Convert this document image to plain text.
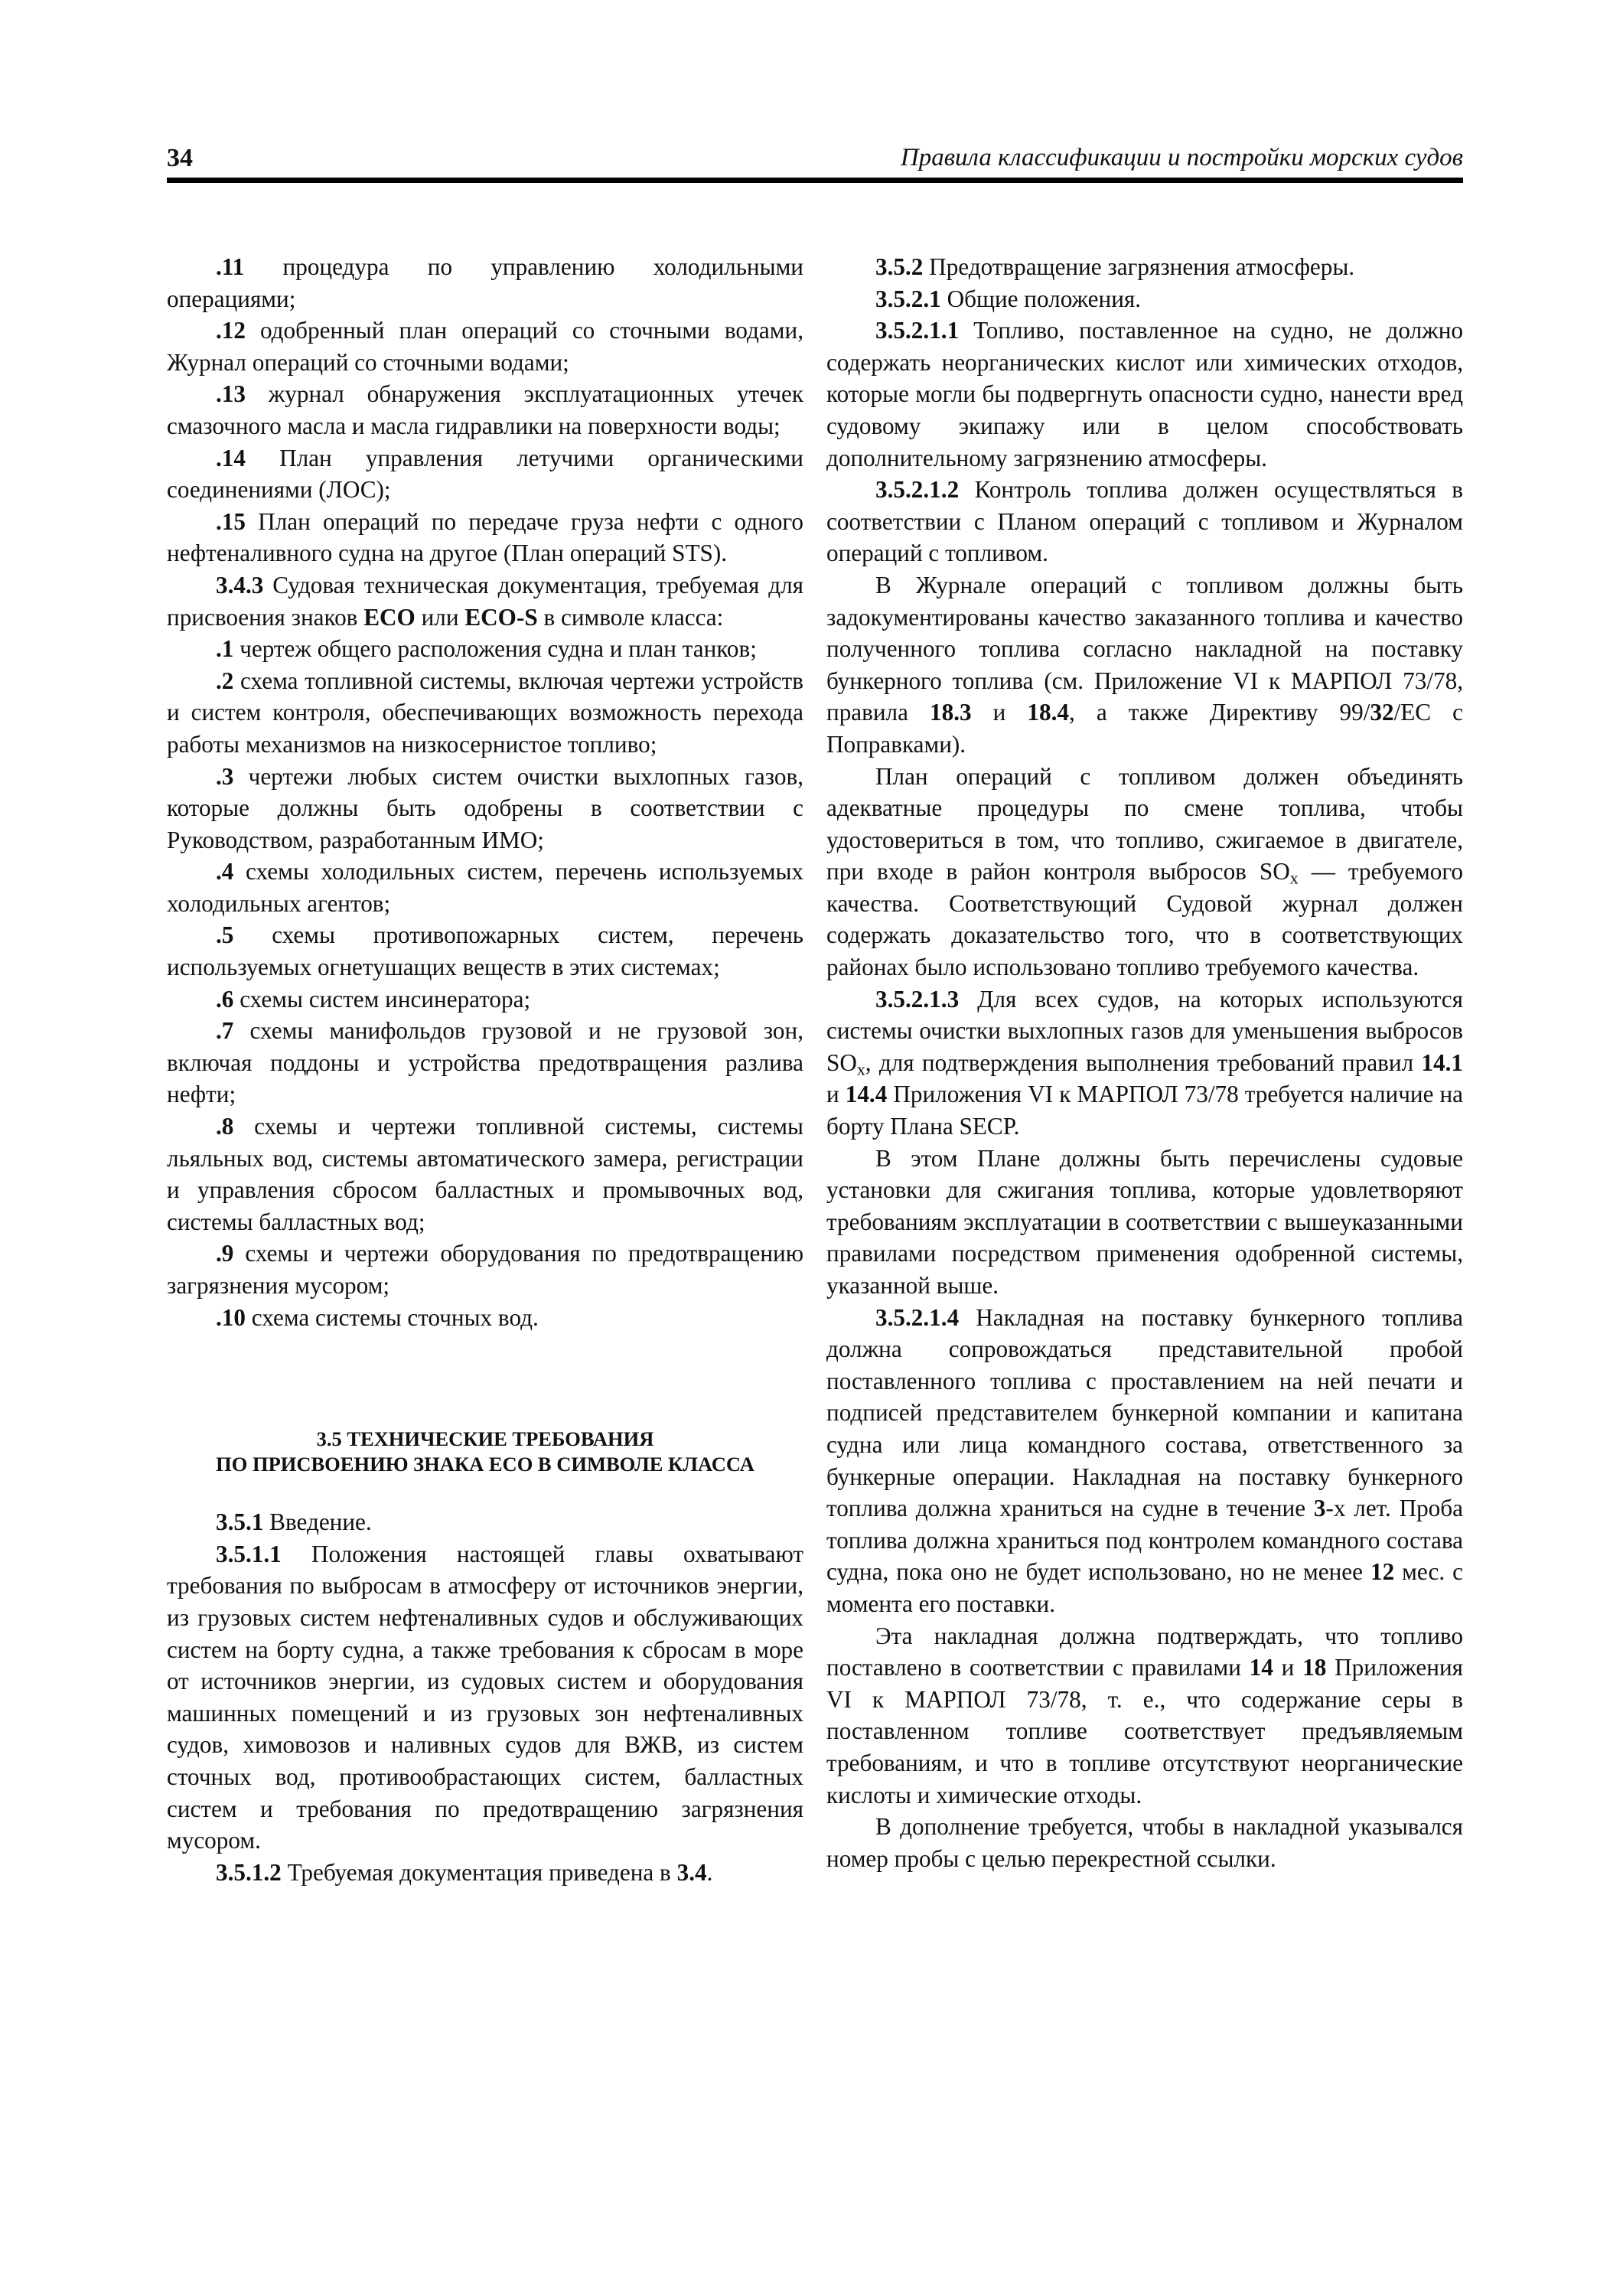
34	Правила классификации и постройки морских судов

.11 процедура по управлению холодильными операциями;

.12 одобренный план операций со сточными водами, Журнал операций со сточными водами;

.13 журнал обнаружения эксплуатационных утечек смазочного масла и масла гидравлики на поверхности воды;

.14 План управления летучими органическими соединениями (ЛОС);

.15 План операций по передаче груза нефти с одного нефтеналивного судна на другое (План операций STS).

3.4.3 Судовая техническая документация, требуемая для присвоения знаков ECO или ECO-S в символе класса:

.1 чертеж общего расположения судна и план танков;

.2 схема топливной системы, включая чертежи устройств и систем контроля, обеспечивающих возможность перехода работы механизмов на низкосернистое топливо;

.3 чертежи любых систем очистки выхлопных газов, которые должны быть одобрены в соответствии с Руководством, разработанным ИМО;

.4 схемы холодильных систем, перечень используемых холодильных агентов;

.5 схемы противопожарных систем, перечень используемых огнетушащих веществ в этих системах;

.6 схемы систем инсинератора;

.7 схемы манифольдов грузовой и не грузовой зон, включая поддоны и устройства предотвращения разлива нефти;

.8 схемы и чертежи топливной системы, системы льяльных вод, системы автоматического замера, регистрации и управления сбросом балластных и промывочных вод, системы балластных вод;

.9 схемы и чертежи оборудования по предотвращению загрязнения мусором;

.10 схема системы сточных вод.

3.5 ТЕХНИЧЕСКИЕ ТРЕБОВАНИЯ
ПО ПРИСВОЕНИЮ ЗНАКА ECO В СИМВОЛЕ КЛАССА

3.5.1 Введение.

3.5.1.1 Положения настоящей главы охватывают требования по выбросам в атмосферу от источников энергии, из грузовых систем нефтеналивных судов и обслуживающих систем на борту судна, а также требования к сбросам в море от источников энергии, из судовых систем и оборудования машинных помещений и из грузовых зон нефтеналивных судов, химовозов и наливных судов для ВЖВ, из систем сточных вод, противообрастающих систем, балластных систем и требования по предотвращению загрязнения мусором.

3.5.1.2 Требуемая документация приведена в 3.4.

3.5.2 Предотвращение загрязнения атмосферы.

3.5.2.1 Общие положения.

3.5.2.1.1 Топливо, поставленное на судно, не должно содержать неорганических кислот или химических отходов, которые могли бы подвергнуть опасности судно, нанести вред судовому экипажу или в целом способствовать дополнительному загрязнению атмосферы.

3.5.2.1.2 Контроль топлива должен осуществляться в соответствии с Планом операций с топливом и Журналом операций с топливом.

В Журнале операций с топливом должны быть задокументированы качество заказанного топлива и качество полученного топлива согласно накладной на поставку бункерного топлива (см. Приложение VI к МАРПОЛ 73/78, правила 18.3 и 18.4, а также Директиву 99/32/ЕС с Поправками).

План операций с топливом должен объединять адекватные процедуры по смене топлива, чтобы удостовериться в том, что топливо, сжигаемое в двигателе, при входе в район контроля выбросов $SO_x$ — требуемого качества. Соответствующий Судовой журнал должен содержать доказательство того, что в соответствующих районах было использовано топливо требуемого качества.

3.5.2.1.3 Для всех судов, на которых используются системы очистки выхлопных газов для уменьшения выбросов $SO_x$, для подтверждения выполнения требований правил 14.1 и 14.4 Приложения VI к МАРПОЛ 73/78 требуется наличие на борту Плана SECP.

В этом Плане должны быть перечислены судовые установки для сжигания топлива, которые удовлетворяют требованиям эксплуатации в соответствии с вышеуказанными правилами посредством применения одобренной системы, указанной выше.

3.5.2.1.4 Накладная на поставку бункерного топлива должна сопровождаться представительной пробой поставленного топлива с проставлением на ней печати и подписей представителем бункерной компании и капитана судна или лица командного состава, ответственного за бункерные операции. Накладная на поставку бункерного топлива должна храниться на судне в течение 3-х лет. Проба топлива должна храниться под контролем командного состава судна, пока оно не будет использовано, но не менее 12 мес. с момента его поставки.

Эта накладная должна подтверждать, что топливо поставлено в соответствии с правилами 14 и 18 Приложения VI к МАРПОЛ 73/78, т. е., что содержание серы в поставленном топливе соответствует предъявляемым требованиям, и что в топливе отсутствуют неорганические кислоты и химические отходы.

В дополнение требуется, чтобы в накладной указывался номер пробы с целью перекрестной ссылки.
